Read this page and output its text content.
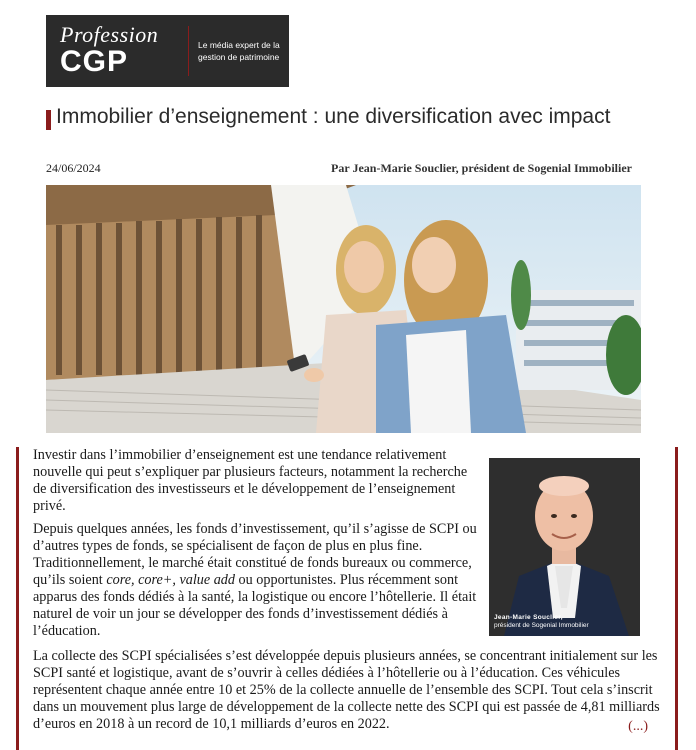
Profession
CGP	Le média expert de la
gestion de patrimoine
Immobilier d’enseignement : une diversification avec impact
24/06/2024	Par Jean-Marie Souclier, président de Sogenial Immobilier

Investir dans l’immobilier d’enseignement est une tendance relativement nouvelle qui peut s’expliquer par plusieurs facteurs, notamment la recherche de diversification des investisseurs et le développement de l’enseignement privé.

Depuis quelques années, les fonds d’investissement, qu’il s’agisse de SCPI ou d’autres types de fonds, se spécialisent de façon de plus en plus fine. Traditionnellement, le marché était constitué de fonds bureaux ou commerce, qu’ils soient core, core+, value add ou opportunistes. Plus récemment sont apparus des fonds dédiés à la santé, la logistique ou encore l’hôtellerie. Il était naturel de voir un jour se développer des fonds d’investissement dédiés à l’éducation.

Jean-Marie Souclier,
président de Sogenial Immobilier

La collecte des SCPI spécialisées s’est développée depuis plusieurs années, se concentrant initialement sur les SCPI santé et logistique, avant de s’ouvrir à celles dédiées à l’hôtellerie ou à l’éducation. Ces véhicules représentent chaque année entre 10 et 25% de la collecte annuelle de l’ensemble des SCPI. Tout cela s’inscrit dans un mouvement plus large de développement de la collecte nette des SCPI qui est passée de 4,81 milliards d’euros en 2018 à un record de 10,1 milliards d’euros en 2022.	(...)
